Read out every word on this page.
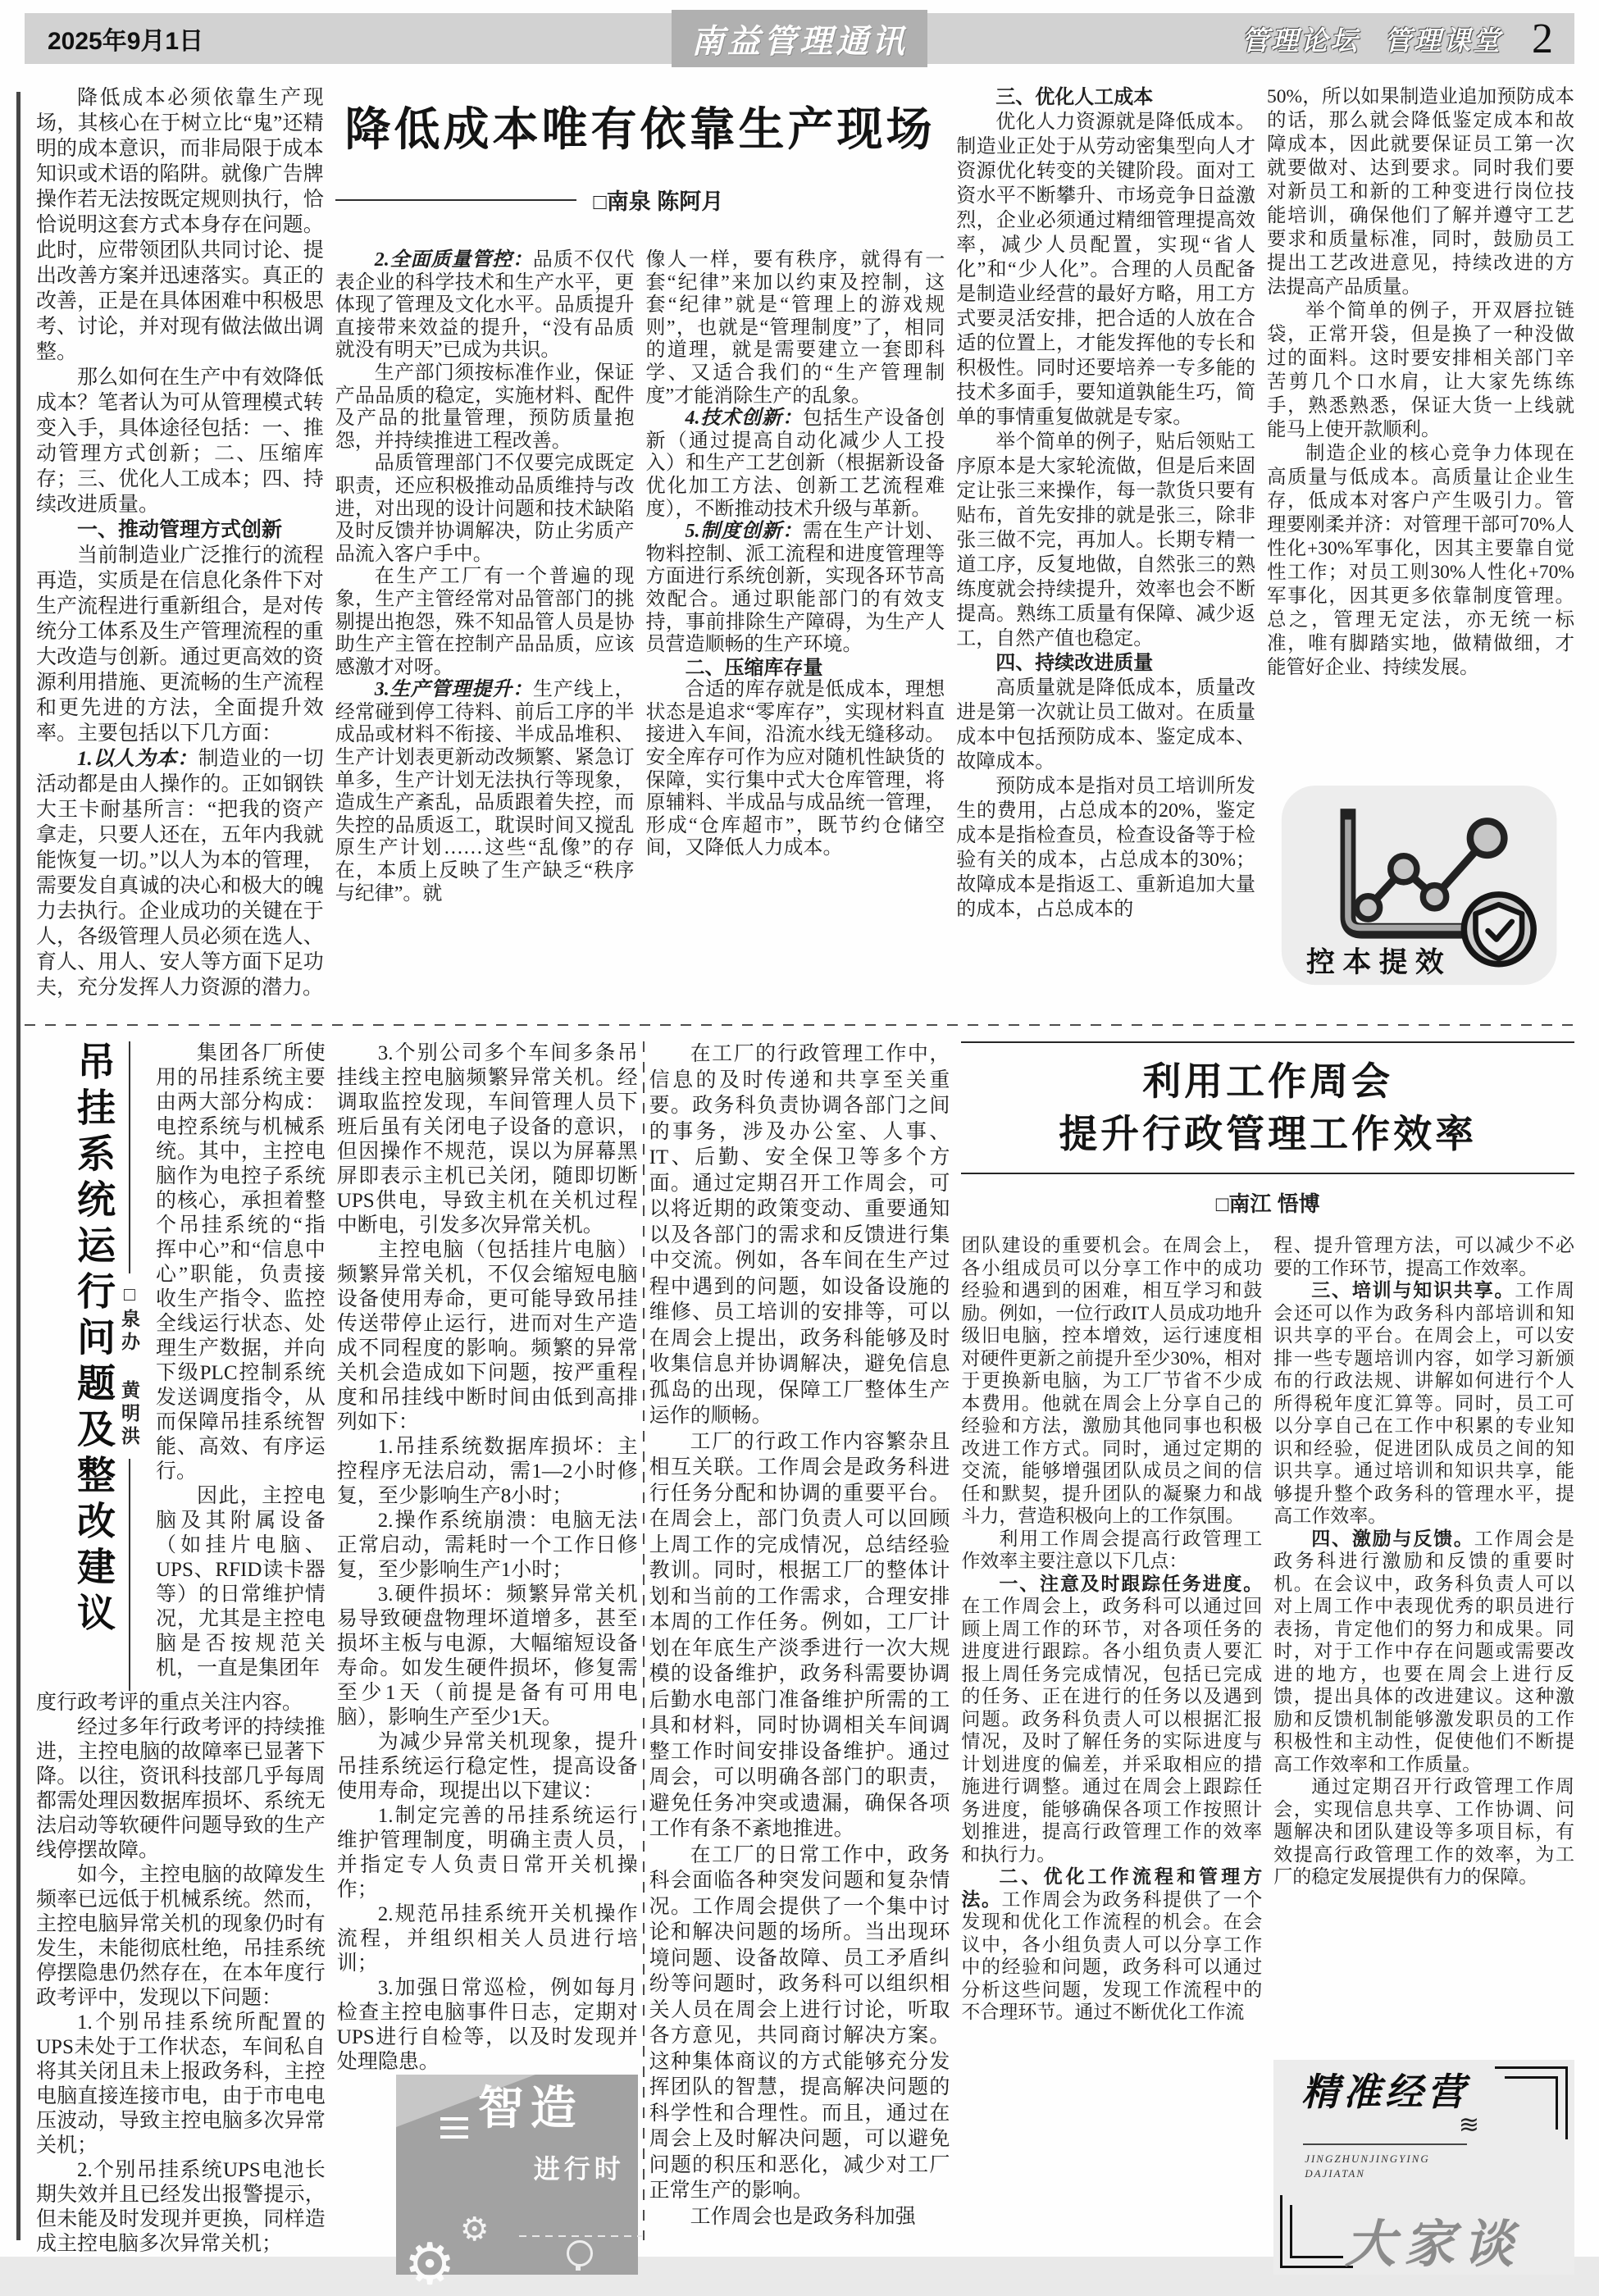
2025年9月1日	南益管理通讯	管理论坛 管理课堂 2

降低成本必须依靠生产现场，其核心在于树立比“鬼”还精明的成本意识，而非局限于成本知识或术语的陷阱。就像广告牌操作若无法按既定规则执行，恰恰说明这套方式本身存在问题。此时，应带领团队共同讨论、提出改善方案并迅速落实。真正的改善，正是在具体困难中积极思考、讨论，并对现有做法做出调整。

那么如何在生产中有效降低成本？笔者认为可从管理模式转变入手，具体途径包括：一、推动管理方式创新；二、压缩库存；三、优化人工成本；四、持续改进质量。

一、推动管理方式创新

当前制造业广泛推行的流程再造，实质是在信息化条件下对生产流程进行重新组合，是对传统分工体系及生产管理流程的重大改造与创新。通过更高效的资源利用措施、更流畅的生产流程和更先进的方法，全面提升效率。主要包括以下几方面：

1.以人为本：制造业的一切活动都是由人操作的。正如钢铁大王卡耐基所言：“把我的资产拿走，只要人还在，五年内我就能恢复一切。”以人为本的管理，需要发自真诚的决心和极大的魄力去执行。企业成功的关键在于人，各级管理人员必须在选人、育人、用人、安人等方面下足功夫，充分发挥人力资源的潜力。

降低成本唯有依靠生产现场
□南泉 陈阿月

2.全面质量管控：品质不仅代表企业的科学技术和生产水平，更体现了管理及文化水平。品质提升直接带来效益的提升，“没有品质就没有明天”已成为共识。

生产部门须按标准作业，保证产品品质的稳定，实施材料、配件及产品的批量管理，预防质量抱怨，并持续推进工程改善。

品质管理部门不仅要完成既定职责，还应积极推动品质维持与改进，对出现的设计问题和技术缺陷及时反馈并协调解决，防止劣质产品流入客户手中。

在生产工厂有一个普遍的现象，生产主管经常对品管部门的挑剔提出抱怨，殊不知品管人员是协助生产主管在控制产品品质，应该感激才对呀。

3.生产管理提升：生产线上，经常碰到停工待料、前后工序的半成品或材料不衔接、半成品堆积、生产计划表更新动改频繁、紧急订单多，生产计划无法执行等现象，造成生产紊乱，品质跟着失控，而失控的品质返工，耽误时间又搅乱原生产计划……这些“乱像”的存在，本质上反映了生产缺乏“秩序与纪律”。就

像人一样，要有秩序，就得有一套“纪律”来加以约束及控制，这套“纪律”就是“管理上的游戏规则”，也就是“管理制度”了，相同的道理，就是需要建立一套即科学、又适合我们的“生产管理制度”才能消除生产的乱象。

4.技术创新：包括生产设备创新（通过提高自动化减少人工投入）和生产工艺创新（根据新设备优化加工方法、创新工艺流程难度），不断推动技术升级与革新。

5.制度创新：需在生产计划、物料控制、派工流程和进度管理等方面进行系统创新，实现各环节高效配合。通过职能部门的有效支持，事前排除生产障碍，为生产人员营造顺畅的生产环境。

二、压缩库存量

合适的库存就是低成本，理想状态是追求“零库存”，实现材料直接进入车间，沿流水线无缝移动。安全库存可作为应对随机性缺货的保障，实行集中式大仓库管理，将原辅料、半成品与成品统一管理，形成“仓库超市”，既节约仓储空间，又降低人力成本。

三、优化人工成本

优化人力资源就是降低成本。制造业正处于从劳动密集型向人才资源优化转变的关键阶段。面对工资水平不断攀升、市场竞争日益激烈，企业必须通过精细管理提高效率，减少人员配置，实现“省人化”和“少人化”。合理的人员配备是制造业经营的最好方略，用工方式要灵活安排，把合适的人放在合适的位置上，才能发挥他的专长和积极性。同时还要培养一专多能的技术多面手，要知道孰能生巧，简单的事情重复做就是专家。

举个简单的例子，贴后领贴工序原本是大家轮流做，但是后来固定让张三来操作，每一款货只要有贴布，首先安排的就是张三，除非张三做不完，再加人。长期专精一道工序，反复地做，自然张三的熟练度就会持续提升，效率也会不断提高。熟练工质量有保障、减少返工，自然产值也稳定。

四、持续改进质量

高质量就是降低成本，质量改进是第一次就让员工做对。在质量成本中包括预防成本、鉴定成本、故障成本。

预防成本是指对员工培训所发生的费用，占总成本的20%，鉴定成本是指检查员，检查设备等于检验有关的成本，占总成本的30%；故障成本是指返工、重新追加大量的成本，占总成本的

50%，所以如果制造业追加预防成本的话，那么就会降低鉴定成本和故障成本，因此就要保证员工第一次就要做对、达到要求。同时我们要对新员工和新的工种变进行岗位技能培训，确保他们了解并遵守工艺要求和质量标准，同时，鼓励员工提出工艺改进意见，持续改进的方法提高产品质量。

举个简单的例子，开双唇拉链袋，正常开袋，但是换了一种没做过的面料。这时要安排相关部门辛苦剪几个口水肩，让大家先练练手，熟悉熟悉，保证大货一上线就能马上使开款顺利。

制造企业的核心竞争力体现在高质量与低成本。高质量让企业生存，低成本对客户产生吸引力。管理要刚柔并济：对管理干部可70%人性化+30%军事化，因其主要靠自觉性工作；对员工则30%人性化+70%军事化，因其更多依靠制度管理。总之，管理无定法，亦无统一标准，唯有脚踏实地，做精做细，才能管好企业、持续发展。

控本提效
吊挂系统运行问题及整改建议 □泉办 黄明洪

集团各厂所使用的吊挂系统主要由两大部分构成：电控系统与机械系统。其中，主控电脑作为电控子系统的核心，承担着整个吊挂系统的“指挥中心”和“信息中心”职能，负责接收生产指令、监控全线运行状态、处理生产数据，并向下级PLC控制系统发送调度指令，从而保障吊挂系统智能、高效、有序运行。

因此，主控电脑及其附属设备（如挂片电脑、UPS、RFID读卡器等）的日常维护情况，尤其是主控电脑是否按规范关机，一直是集团年

度行政考评的重点关注内容。

经过多年行政考评的持续推进，主控电脑的故障率已显著下降。以往，资讯科技部几乎每周都需处理因数据库损坏、系统无法启动等软硬件问题导致的生产线停摆故障。

如今，主控电脑的故障发生频率已远低于机械系统。然而，主控电脑异常关机的现象仍时有发生，未能彻底杜绝，吊挂系统停摆隐患仍然存在，在本年度行政考评中，发现以下问题：

1.个别吊挂系统所配置的UPS未处于工作状态，车间私自将其关闭且未上报政务科，主控电脑直接连接市电，由于市电电压波动，导致主控电脑多次异常关机；

2.个别吊挂系统UPS电池长期失效并且已经发出报警提示，但未能及时发现并更换，同样造成主控电脑多次异常关机；

3.个别公司多个车间多条吊挂线主控电脑频繁异常关机。经调取监控发现，车间管理人员下班后虽有关闭电子设备的意识，但因操作不规范，误以为屏幕黑屏即表示主机已关闭，随即切断UPS供电，导致主机在关机过程中断电，引发多次异常关机。

主控电脑（包括挂片电脑）频繁异常关机，不仅会缩短电脑设备使用寿命，更可能导致吊挂传送带停止运行，进而对生产造成不同程度的影响。频繁的异常关机会造成如下问题，按严重程度和吊挂线中断时间由低到高排列如下：

1.吊挂系统数据库损坏：主控程序无法启动，需1—2小时修复，至少影响生产8小时；

2.操作系统崩溃：电脑无法正常启动，需耗时一个工作日修复，至少影响生产1小时；

3.硬件损坏：频繁异常关机易导致硬盘物理坏道增多，甚至损坏主板与电源，大幅缩短设备寿命。如发生硬件损坏，修复需至少1天（前提是备有可用电脑），影响生产至少1天。

为减少异常关机现象，提升吊挂系统运行稳定性，提高设备使用寿命，现提出以下建议：

1.制定完善的吊挂系统运行维护管理制度，明确主责人员，并指定专人负责日常开关机操作；

2.规范吊挂系统开关机操作流程，并组织相关人员进行培训；

3.加强日常巡检，例如每月检查主控电脑事件日志，定期对UPS进行自检等，以及时发现并处理隐患。

智造
进行时
⚙
⚙

在工厂的行政管理工作中，信息的及时传递和共享至关重要。政务科负责协调各部门之间的事务，涉及办公室、人事、IT、后勤、安全保卫等多个方面。通过定期召开工作周会，可以将近期的政策变动、重要通知以及各部门的需求和反馈进行集中交流。例如，各车间在生产过程中遇到的问题，如设备设施的维修、员工培训的安排等，可以在周会上提出，政务科能够及时收集信息并协调解决，避免信息孤岛的出现，保障工厂整体生产运作的顺畅。

工厂的行政工作内容繁杂且相互关联。工作周会是政务科进行任务分配和协调的重要平台。在周会上，部门负责人可以回顾上周工作的完成情况，总结经验教训。同时，根据工厂的整体计划和当前的工作需求，合理安排本周的工作任务。例如，工厂计划在年底生产淡季进行一次大规模的设备维护，政务科需要协调后勤水电部门准备维护所需的工具和材料，同时协调相关车间调整工作时间安排设备维护。通过周会，可以明确各部门的职责，避免任务冲突或遗漏，确保各项工作有条不紊地推进。

在工厂的日常工作中，政务科会面临各种突发问题和复杂情况。工作周会提供了一个集中讨论和解决问题的场所。当出现环境问题、设备故障、员工矛盾纠纷等问题时，政务科可以组织相关人员在周会上进行讨论，听取各方意见，共同商讨解决方案。这种集体商议的方式能够充分发挥团队的智慧，提高解决问题的科学性和合理性。而且，通过在周会上及时解决问题，可以避免问题的积压和恶化，减少对工厂正常生产的影响。

工作周会也是政务科加强

利用工作周会
提升行政管理工作效率
□南江 悟博

团队建设的重要机会。在周会上，各小组成员可以分享工作中的成功经验和遇到的困难，相互学习和鼓励。例如，一位行政IT人员成功地升级旧电脑，控本增效，运行速度相对硬件更新之前提升至少30%，相对于更换新电脑，为工厂节省不少成本费用。他就在周会上分享自己的经验和方法，激励其他同事也积极改进工作方式。同时，通过定期的交流，能够增强团队成员之间的信任和默契，提升团队的凝聚力和战斗力，营造积极向上的工作氛围。

利用工作周会提高行政管理工作效率主要注意以下几点：

一、注意及时跟踪任务进度。在工作周会上，政务科可以通过回顾上周工作的环节，对各项任务的进度进行跟踪。各小组负责人要汇报上周任务完成情况，包括已完成的任务、正在进行的任务以及遇到问题。政务科负责人可以根据汇报情况，及时了解任务的实际进度与计划进度的偏差，并采取相应的措施进行调整。通过在周会上跟踪任务进度，能够确保各项工作按照计划推进，提高行政管理工作的效率和执行力。

二、优化工作流程和管理方法。工作周会为政务科提供了一个发现和优化工作流程的机会。在会议中，各小组负责人可以分享工作中的经验和问题，政务科可以通过分析这些问题，发现工作流程中的不合理环节。通过不断优化工作流

程、提升管理方法，可以减少不必要的工作环节，提高工作效率。

三、培训与知识共享。工作周会还可以作为政务科内部培训和知识共享的平台。在周会上，可以安排一些专题培训内容，如学习新颁布的行政法规、讲解如何进行个人所得税年度汇算等。同时，员工可以分享自己在工作中积累的专业知识和经验，促进团队成员之间的知识共享。通过培训和知识共享，能够提升整个政务科的管理水平，提高工作效率。

四、激励与反馈。工作周会是政务科进行激励和反馈的重要时机。在会议中，政务科负责人可以对上周工作中表现优秀的职员进行表扬，肯定他们的努力和成果。同时，对于工作中存在问题或需要改进的地方，也要在周会上进行反馈，提出具体的改进建议。这种激励和反馈机制能够激发职员的工作积极性和主动性，促使他们不断提高工作效率和工作质量。

通过定期召开行政管理工作周会，实现信息共享、工作协调、问题解决和团队建设等多项目标，有效提高行政管理工作的效率，为工厂的稳定发展提供有力的保障。

精准经营
JINGZHUNJINGYING
DAJIATAN
≋
大家谈
